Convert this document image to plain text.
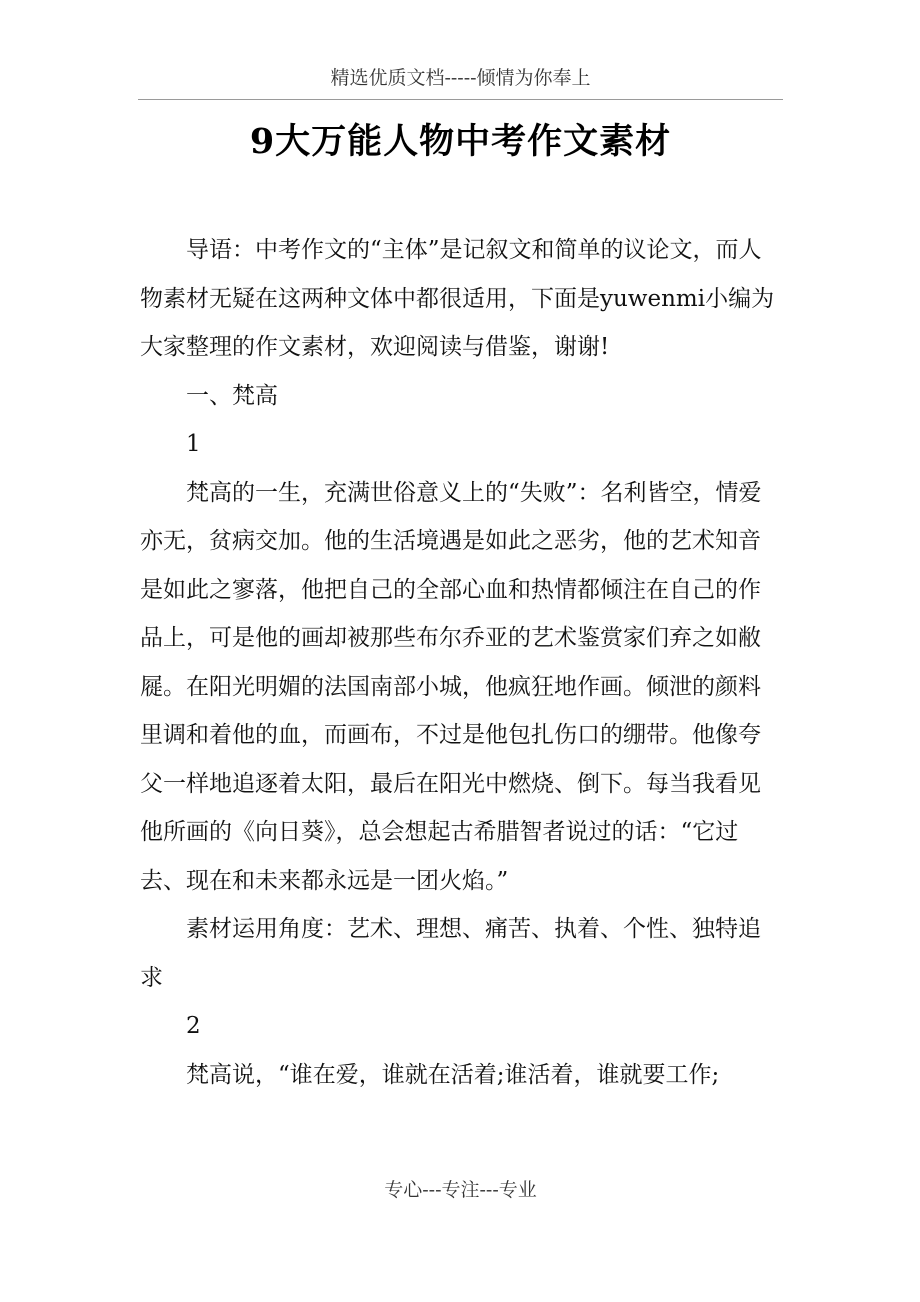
精选优质文档-----倾情为你奉上
9大万能人物中考作文素材

导语：中考作文的“主体”是记叙文和简单的议论文，而人物素材无疑在这两种文体中都很适用，下面是yuwenmi小编为大家整理的作文素材，欢迎阅读与借鉴，谢谢!

一、梵高

1

梵高的一生，充满世俗意义上的“失败”：名利皆空，情爱亦无，贫病交加。他的生活境遇是如此之恶劣，他的艺术知音是如此之寥落，他把自己的全部心血和热情都倾注在自己的作品上，可是他的画却被那些布尔乔亚的艺术鉴赏家们弃之如敝屣。在阳光明媚的法国南部小城，他疯狂地作画。倾泄的颜料里调和着他的血，而画布，不过是他包扎伤口的绷带。他像夸父一样地追逐着太阳，最后在阳光中燃烧、倒下。每当我看见他所画的《向日葵》，总会想起古希腊智者说过的话：“它过去、现在和未来都永远是一团火焰。”

素材运用角度：艺术、理想、痛苦、执着、个性、独特追求

2

梵高说，“谁在爱，谁就在活着;谁活着，谁就要工作;

专心---专注---专业
